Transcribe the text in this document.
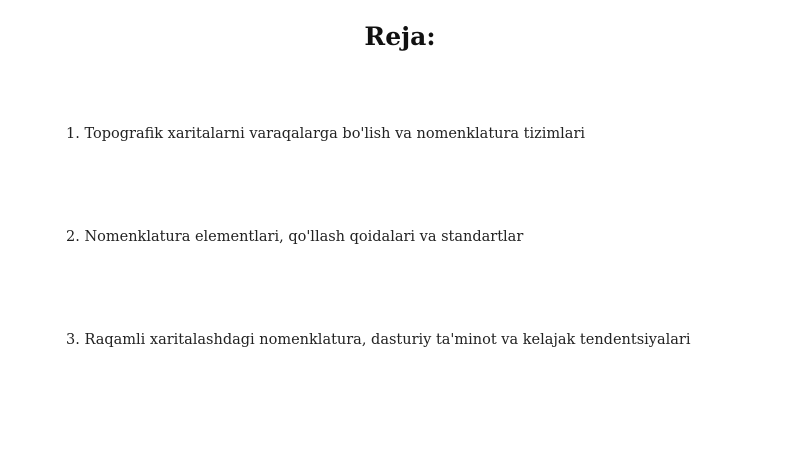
Reja:
1. Topografik xaritalarni varaqalarga bo'lish va nomenklatura tizimlari
2. Nomenklatura elementlari, qo'llash qoidalari va standartlar
3. Raqamli xaritalashdagi nomenklatura, dasturiy ta'minot va kelajak tendentsiyalari
